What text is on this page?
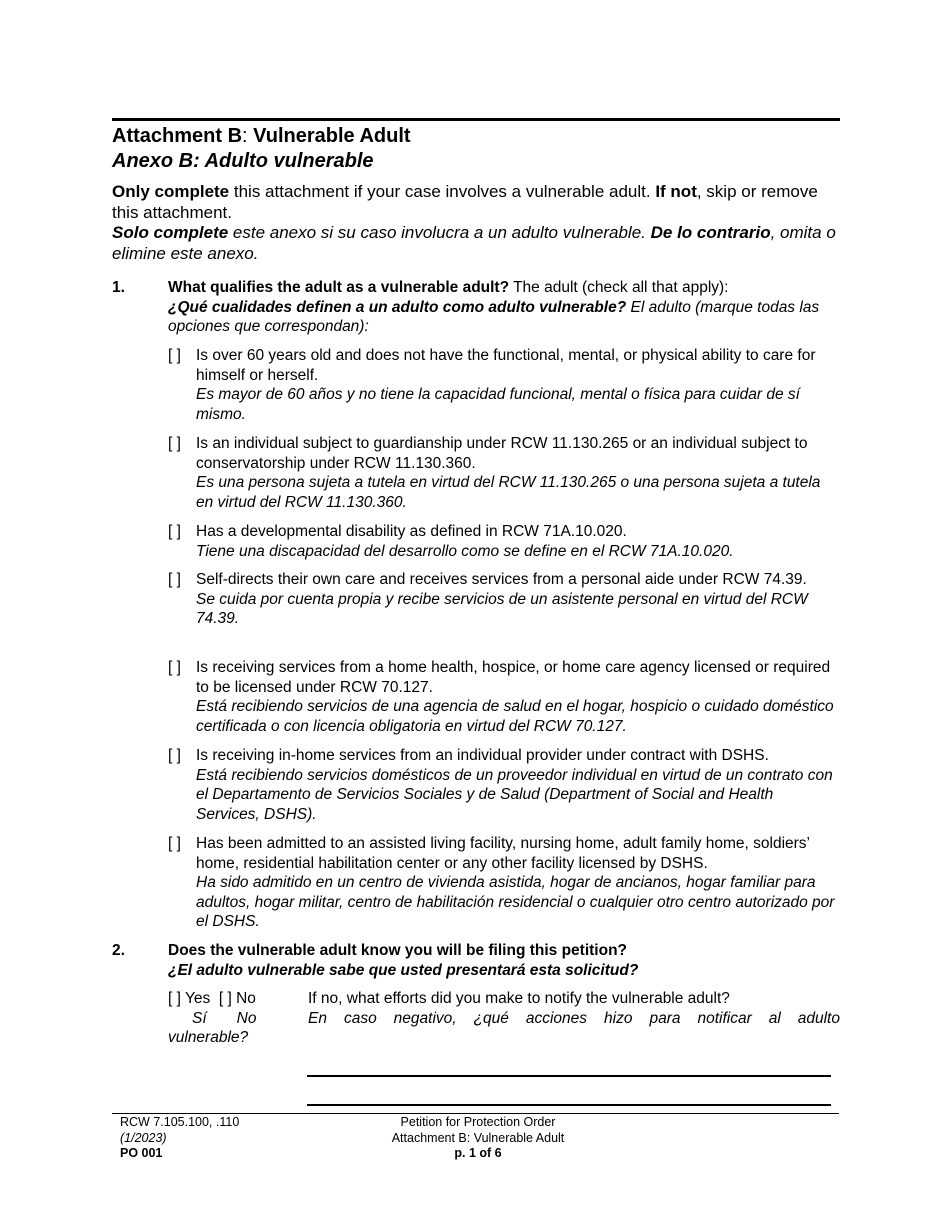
Attachment B: Vulnerable Adult
Anexo B: Adulto vulnerable
Only complete this attachment if your case involves a vulnerable adult. If not, skip or remove this attachment.
Solo complete este anexo si su caso involucra a un adulto vulnerable. De lo contrario, omita o elimine este anexo.
1.	What qualifies the adult as a vulnerable adult? The adult (check all that apply):
¿Qué cualidades definen a un adulto como adulto vulnerable? El adulto (marque todas las opciones que correspondan):
[ ] Is over 60 years old and does not have the functional, mental, or physical ability to care for himself or herself.
Es mayor de 60 años y no tiene la capacidad funcional, mental o física para cuidar de sí mismo.
[ ] Is an individual subject to guardianship under RCW 11.130.265 or an individual subject to conservatorship under RCW 11.130.360.
Es una persona sujeta a tutela en virtud del RCW 11.130.265 o una persona sujeta a tutela en virtud del RCW 11.130.360.
[ ] Has a developmental disability as defined in RCW 71A.10.020.
Tiene una discapacidad del desarrollo como se define en el RCW 71A.10.020.
[ ] Self-directs their own care and receives services from a personal aide under RCW 74.39.
Se cuida por cuenta propia y recibe servicios de un asistente personal en virtud del RCW 74.39.
[ ] Is receiving services from a home health, hospice, or home care agency licensed or required to be licensed under RCW 70.127.
Está recibiendo servicios de una agencia de salud en el hogar, hospicio o cuidado doméstico certificada o con licencia obligatoria en virtud del RCW 70.127.
[ ] Is receiving in-home services from an individual provider under contract with DSHS.
Está recibiendo servicios domésticos de un proveedor individual en virtud de un contrato con el Departamento de Servicios Sociales y de Salud (Department of Social and Health Services, DSHS).
[ ] Has been admitted to an assisted living facility, nursing home, adult family home, soldiers’ home, residential habilitation center or any other facility licensed by DSHS.
Ha sido admitido en un centro de vivienda asistida, hogar de ancianos, hogar familiar para adultos, hogar militar, centro de habilitación residencial o cualquier otro centro autorizado por el DSHS.
2.	Does the vulnerable adult know you will be filing this petition?
¿El adulto vulnerable sabe que usted presentará esta solicitud?
[ ] Yes [ ] No
Sí No
If no, what efforts did you make to notify the vulnerable adult?
En caso negativo, ¿qué acciones hizo para notificar al adulto
vulnerable?
RCW 7.105.100, .110
(1/2023)
PO 001
Petition for Protection Order
Attachment B: Vulnerable Adult
p. 1 of 6
